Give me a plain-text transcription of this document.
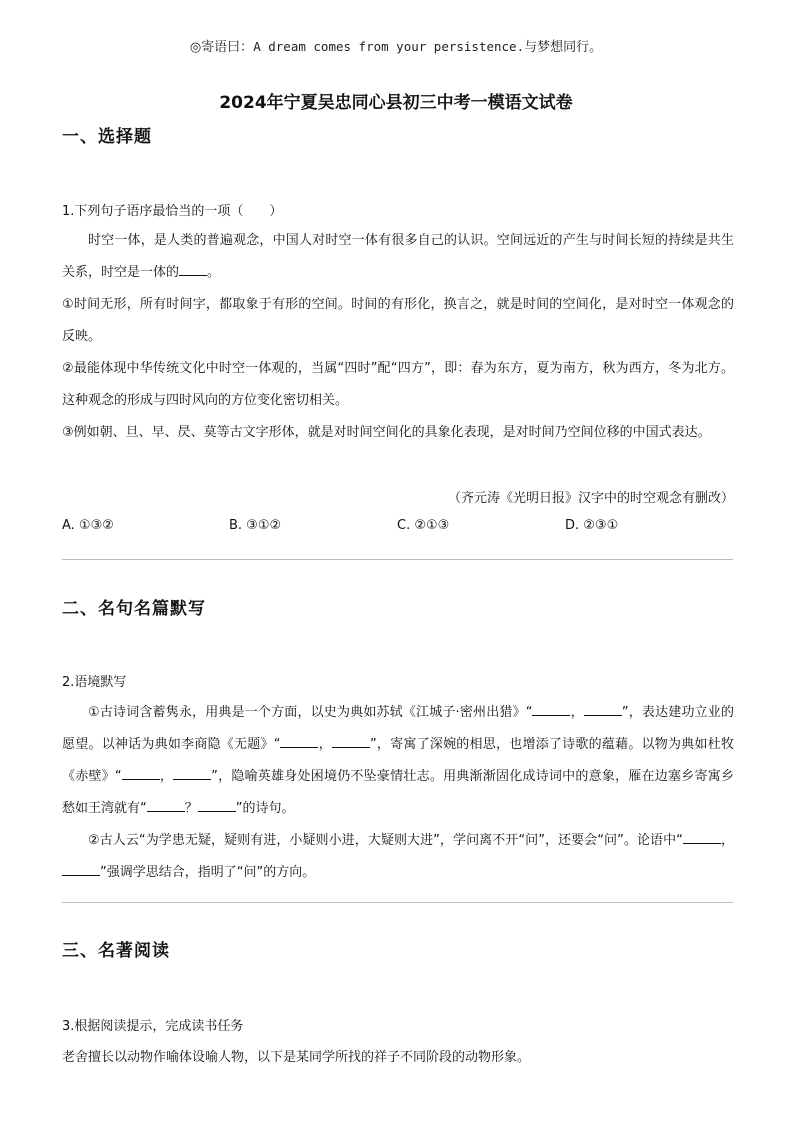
◎寄语曰：A dream comes from your persistence.与梦想同行。
2024年宁夏吴忠同心县初三中考一模语文试卷
一、选择题
1.下列句子语序最恰当的一项（　　）

时空一体，是人类的普遍观念，中国人对时空一体有很多自己的认识。空间远近的产生与时间长短的持续是共生关系，时空是一体的 。

①时间无形，所有时间字，都取象于有形的空间。时间的有形化，换言之，就是时间的空间化，是对时空一体观念的反映。

②最能体现中华传统文化中时空一体观的，当属“四时”配“四方”，即：春为东方，夏为南方，秋为西方，冬为北方。这种观念的形成与四时风向的方位变化密切相关。

③例如朝、旦、早、昃、莫等古文字形体，就是对时间空间化的具象化表现，是对时间乃空间位移的中国式表达。

（齐元涛《光明日报》汉字中的时空观念有删改）
A. ①③②	B. ③①②	C. ②①③	D. ②③①
二、名句名篇默写
2.语境默写

①古诗词含蓄隽永，用典是一个方面，以史为典如苏轼《江城子·密州出猎》“	，	”，表达建功立业的愿望。以神话为典如李商隐《无题》“	，	”，寄寓了深婉的相思，也增添了诗歌的蕴藉。以物为典如杜牧《赤壁》“	，	”，隐喻英雄身处困境仍不坠豪情壮志。用典渐渐固化成诗词中的意象，雁在边塞乡寄寓乡愁如王湾就有“	？	”的诗句。

②古人云“为学患无疑，疑则有进，小疑则小进，大疑则大进”，学问离不开“问”，还要会“问”。论语中“	，”强调学思结合，指明了“问”的方向。

三、名著阅读
3.根据阅读提示，完成读书任务
老舍擅长以动物作喻体设喻人物，以下是某同学所找的祥子不同阶段的动物形象。
